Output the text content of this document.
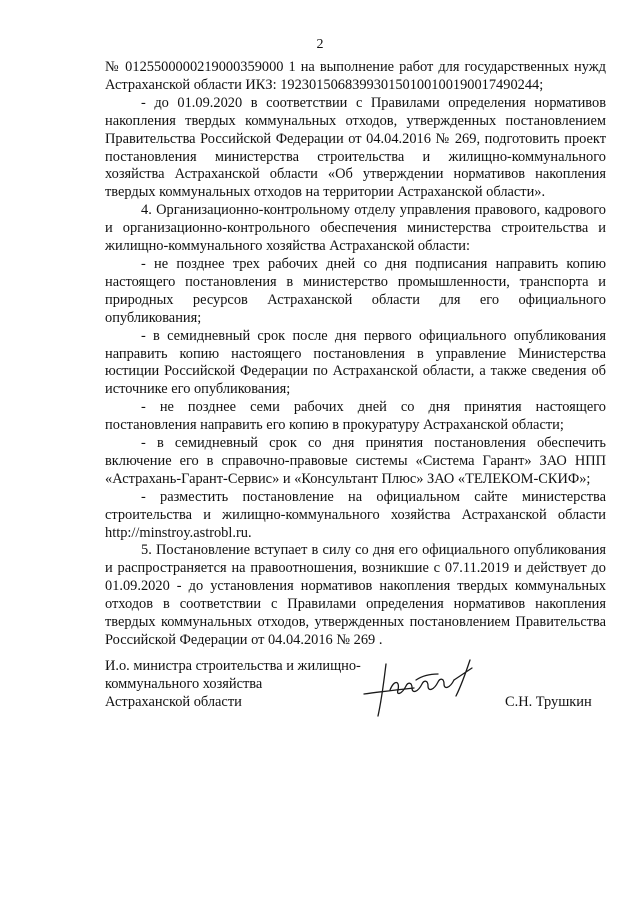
2

№ 0125500000219000359000 1 на выполнение работ для государственных нужд Астраханской области ИКЗ: 192301506839930150100100190017490244;

- до 01.09.2020 в соответствии с Правилами определения нормативов накопления твердых коммунальных отходов, утвержденных постановлением Правительства Российской Федерации от 04.04.2016 № 269, подготовить проект постановления министерства строительства и жилищно-коммунального хозяйства Астраханской области «Об утверждении нормативов накопления твердых коммунальных отходов на территории Астраханской области».

4. Организационно-контрольному отделу управления правового, кадрового и организационно-контрольного обеспечения министерства строительства и жилищно-коммунального хозяйства Астраханской области:

- не позднее трех рабочих дней со дня подписания направить копию настоящего постановления в министерство промышленности, транспорта и природных ресурсов Астраханской области для его официального опубликования;

- в семидневный срок после дня первого официального опубликования направить копию настоящего постановления в управление Министерства юстиции Российской Федерации по Астраханской области, а также сведения об источнике его опубликования;

- не позднее семи рабочих дней со дня принятия настоящего постановления направить его копию в прокуратуру Астраханской области;

- в семидневный срок со дня принятия постановления обеспечить включение его в справочно-правовые системы «Система Гарант» ЗАО НПП «Астрахань-Гарант-Сервис» и «Консультант Плюс» ЗАО «ТЕЛЕКОМ-СКИФ»;

- разместить постановление на официальном сайте министерства строительства и жилищно-коммунального хозяйства Астраханской области http://minstroy.astrobl.ru.

5. Постановление вступает в силу со дня его официального опубликования и распространяется на правоотношения, возникшие с 07.11.2019 и действует до 01.09.2020 - до установления нормативов накопления твердых коммунальных отходов в соответствии с Правилами определения нормативов накопления твердых коммунальных отходов, утвержденных постановлением Правительства Российской Федерации от 04.04.2016 № 269 .

И.о. министра строительства и жилищно-

коммунального хозяйства

Астраханской области	С.Н. Трушкин
